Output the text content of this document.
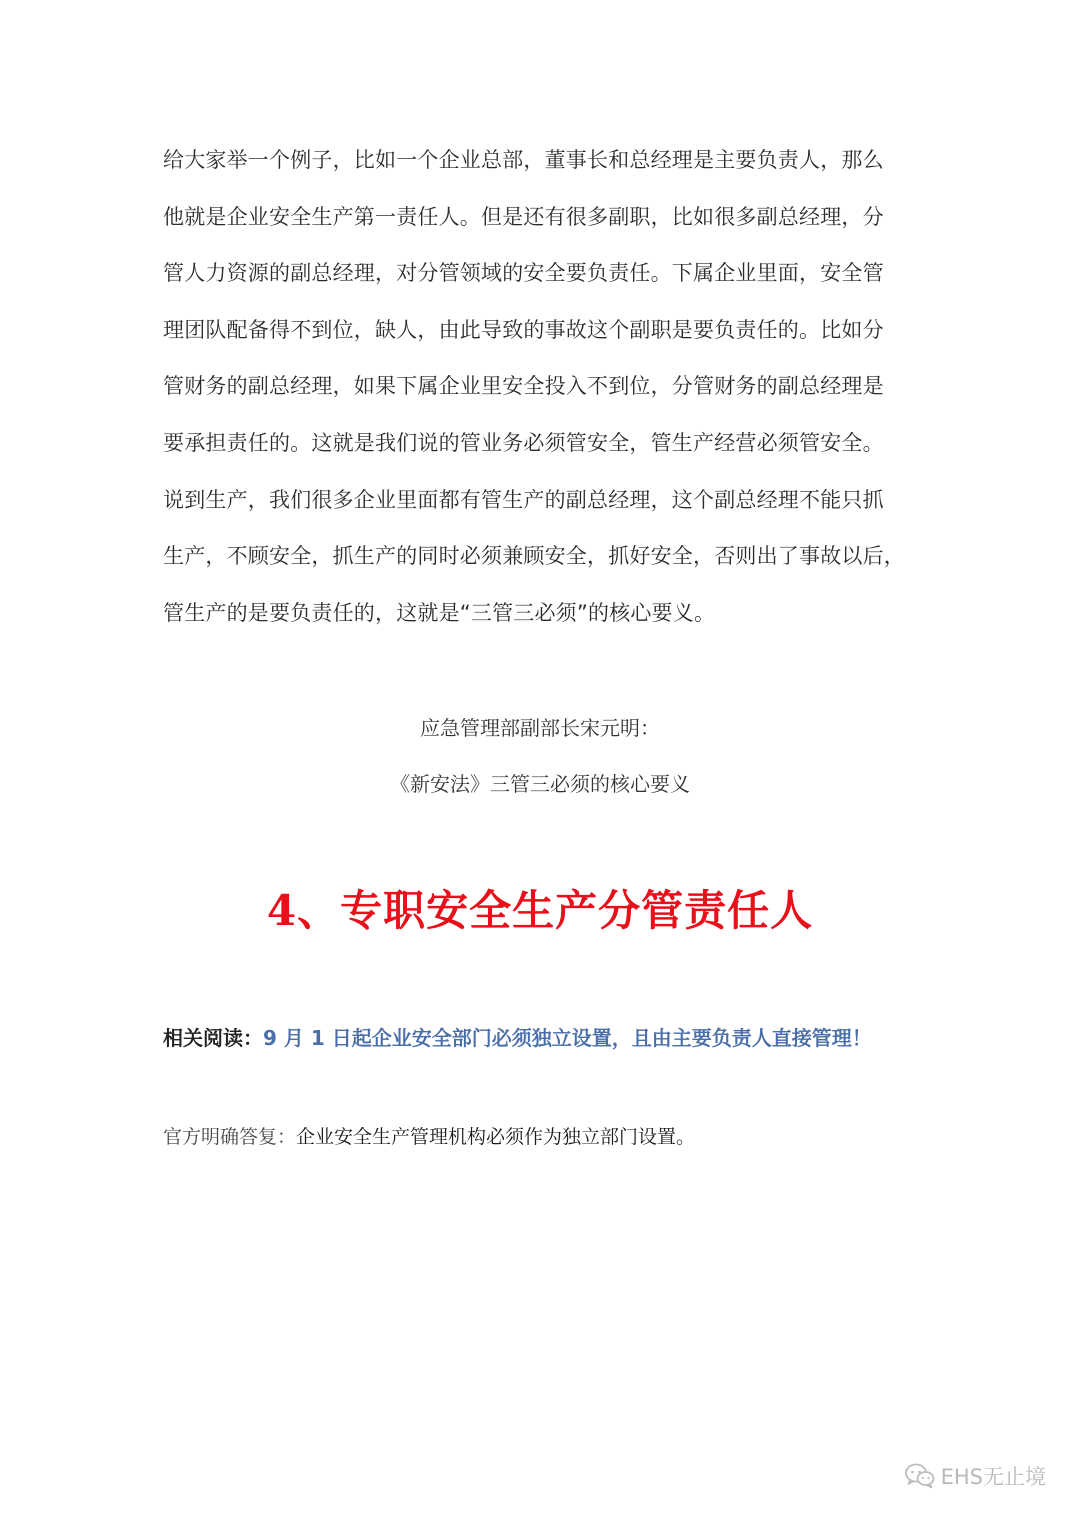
给大家举一个例子，比如一个企业总部，董事长和总经理是主要负责人，那么
他就是企业安全生产第一责任人。但是还有很多副职，比如很多副总经理，分
管人力资源的副总经理，对分管领域的安全要负责任。下属企业里面，安全管
理团队配备得不到位，缺人，由此导致的事故这个副职是要负责任的。比如分
管财务的副总经理，如果下属企业里安全投入不到位，分管财务的副总经理是
要承担责任的。这就是我们说的管业务必须管安全，管生产经营必须管安全。
说到生产，我们很多企业里面都有管生产的副总经理，这个副总经理不能只抓
生产，不顾安全，抓生产的同时必须兼顾安全，抓好安全，否则出了事故以后，
管生产的是要负责任的，这就是“三管三必须”的核心要义。
应急管理部副部长宋元明：
《新安法》三管三必须的核心要义
4、专职安全生产分管责任人
相关阅读：9 月 1 日起企业安全部门必须独立设置，且由主要负责人直接管理！
官方明确答复：企业安全生产管理机构必须作为独立部门设置。
EHS无止境
